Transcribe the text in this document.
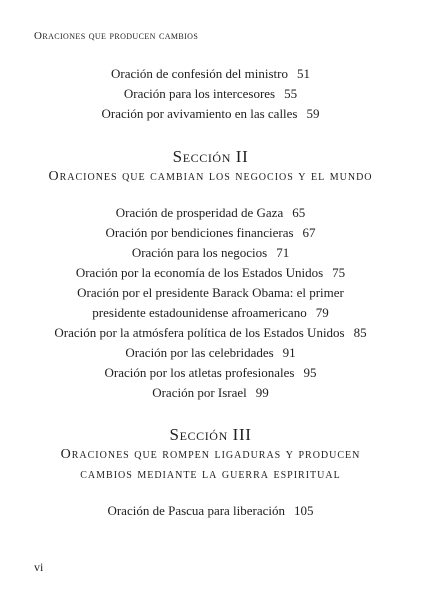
Oraciones que producen cambios
Oración de confesión del ministro 51
Oración para los intercesores 55
Oración por avivamiento en las calles 59
Sección II
Oraciones que cambian los negocios y el mundo
Oración de prosperidad de Gaza 65
Oración por bendiciones financieras 67
Oración para los negocios 71
Oración por la economía de los Estados Unidos 75
Oración por el presidente Barack Obama: el primer
presidente estadounidense afroamericano 79
Oración por la atmósfera política de los Estados Unidos 85
Oración por las celebridades 91
Oración por los atletas profesionales 95
Oración por Israel 99
Sección III
Oraciones que rompen ligaduras y producen
cambios mediante la guerra espiritual
Oración de Pascua para liberación 105
vi
